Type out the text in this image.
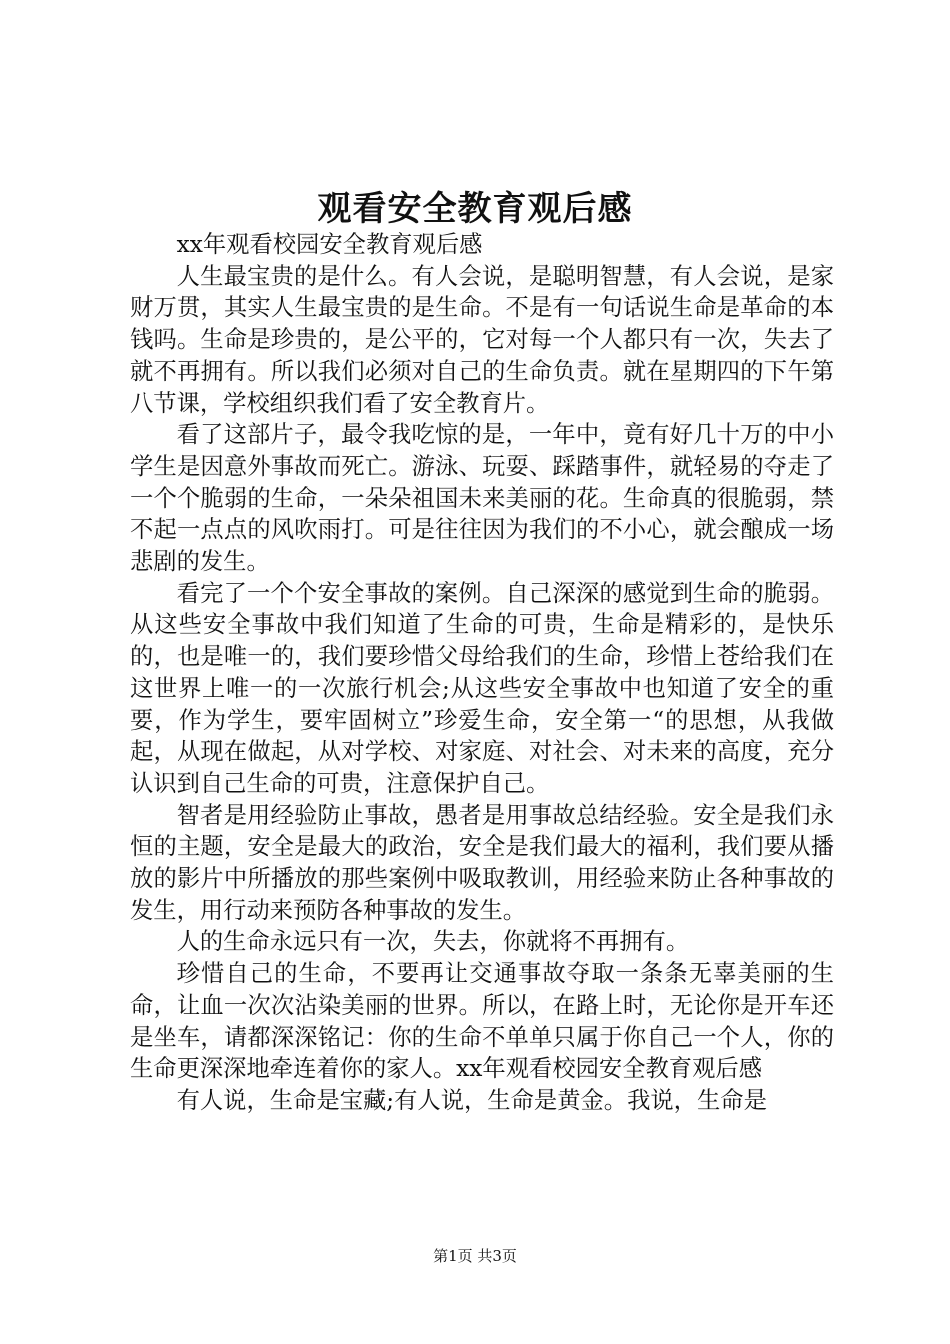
观看安全教育观后感

xx年观看校园安全教育观后感

人生最宝贵的是什么。有人会说，是聪明智慧，有人会说，是家财万贯，其实人生最宝贵的是生命。不是有一句话说生命是革命的本钱吗。生命是珍贵的，是公平的，它对每一个人都只有一次，失去了就不再拥有。所以我们必须对自己的生命负责。就在星期四的下午第八节课，学校组织我们看了安全教育片。

看了这部片子，最令我吃惊的是，一年中，竟有好几十万的中小学生是因意外事故而死亡。游泳、玩耍、踩踏事件，就轻易的夺走了一个个脆弱的生命，一朵朵祖国未来美丽的花。生命真的很脆弱，禁不起一点点的风吹雨打。可是往往因为我们的不小心，就会酿成一场悲剧的发生。

看完了一个个安全事故的案例。自己深深的感觉到生命的脆弱。从这些安全事故中我们知道了生命的可贵，生命是精彩的，是快乐的，也是唯一的，我们要珍惜父母给我们的生命，珍惜上苍给我们在这世界上唯一的一次旅行机会;从这些安全事故中也知道了安全的重要，作为学生，要牢固树立”珍爱生命，安全第一“的思想，从我做起，从现在做起，从对学校、对家庭、对社会、对未来的高度，充分认识到自己生命的可贵，注意保护自己。

智者是用经验防止事故，愚者是用事故总结经验。安全是我们永恒的主题，安全是最大的政治，安全是我们最大的福利，我们要从播放的影片中所播放的那些案例中吸取教训，用经验来防止各种事故的发生，用行动来预防各种事故的发生。

人的生命永远只有一次，失去，你就将不再拥有。

珍惜自己的生命，不要再让交通事故夺取一条条无辜美丽的生命，让血一次次沾染美丽的世界。所以，在路上时，无论你是开车还是坐车，请都深深铭记：你的生命不单单只属于你自己一个人，你的生命更深深地牵连着你的家人。xx年观看校园安全教育观后感

有人说，生命是宝藏;有人说，生命是黄金。我说，生命是

第1页 共3页
